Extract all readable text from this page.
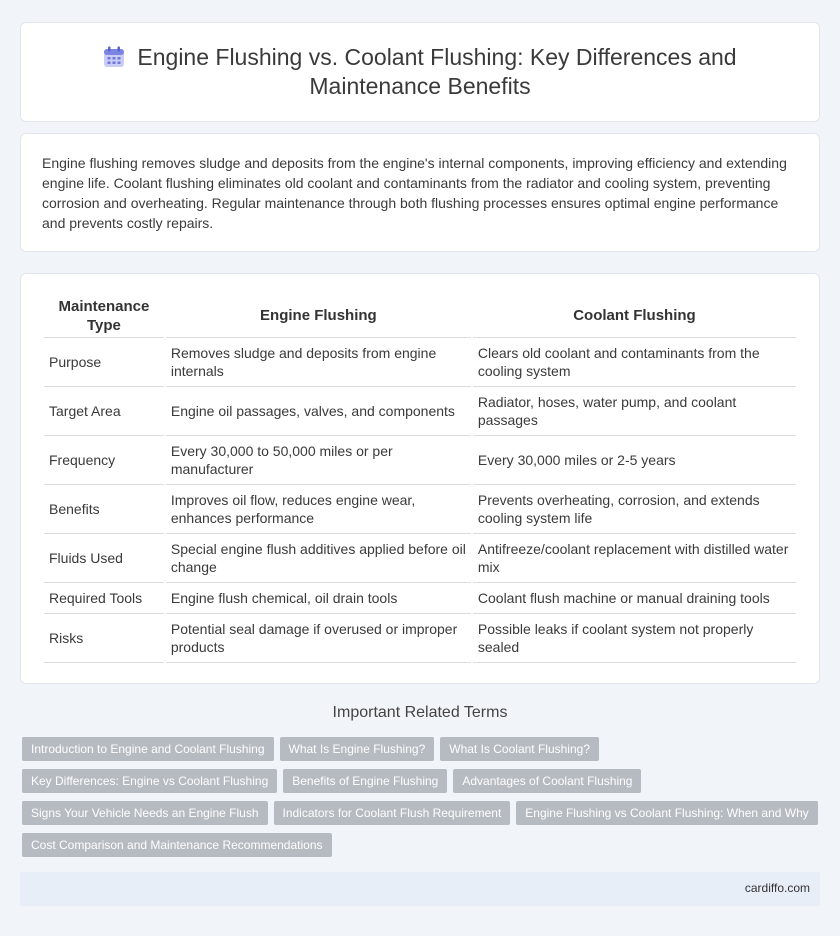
Engine Flushing vs. Coolant Flushing: Key Differences and Maintenance Benefits

Engine flushing removes sludge and deposits from the engine's internal components, improving efficiency and extending engine life. Coolant flushing eliminates old coolant and contaminants from the radiator and cooling system, preventing corrosion and overheating. Regular maintenance through both flushing processes ensures optimal engine performance and prevents costly repairs.

Maintenance Type	Engine Flushing	Coolant Flushing
Purpose	Removes sludge and deposits from engine internals	Clears old coolant and contaminants from the cooling system
Target Area	Engine oil passages, valves, and components	Radiator, hoses, water pump, and coolant passages
Frequency	Every 30,000 to 50,000 miles or per manufacturer	Every 30,000 miles or 2-5 years
Benefits	Improves oil flow, reduces engine wear, enhances performance	Prevents overheating, corrosion, and extends cooling system life
Fluids Used	Special engine flush additives applied before oil change	Antifreeze/coolant replacement with distilled water mix
Required Tools	Engine flush chemical, oil drain tools	Coolant flush machine or manual draining tools
Risks	Potential seal damage if overused or improper products	Possible leaks if coolant system not properly sealed
Important Related Terms
Introduction to Engine and Coolant Flushing	What Is Engine Flushing?	What Is Coolant Flushing?
Key Differences: Engine vs Coolant Flushing	Benefits of Engine Flushing	Advantages of Coolant Flushing
Signs Your Vehicle Needs an Engine Flush	Indicators for Coolant Flush Requirement	Engine Flushing vs Coolant Flushing: When and Why
Cost Comparison and Maintenance Recommendations
cardiffo.com
